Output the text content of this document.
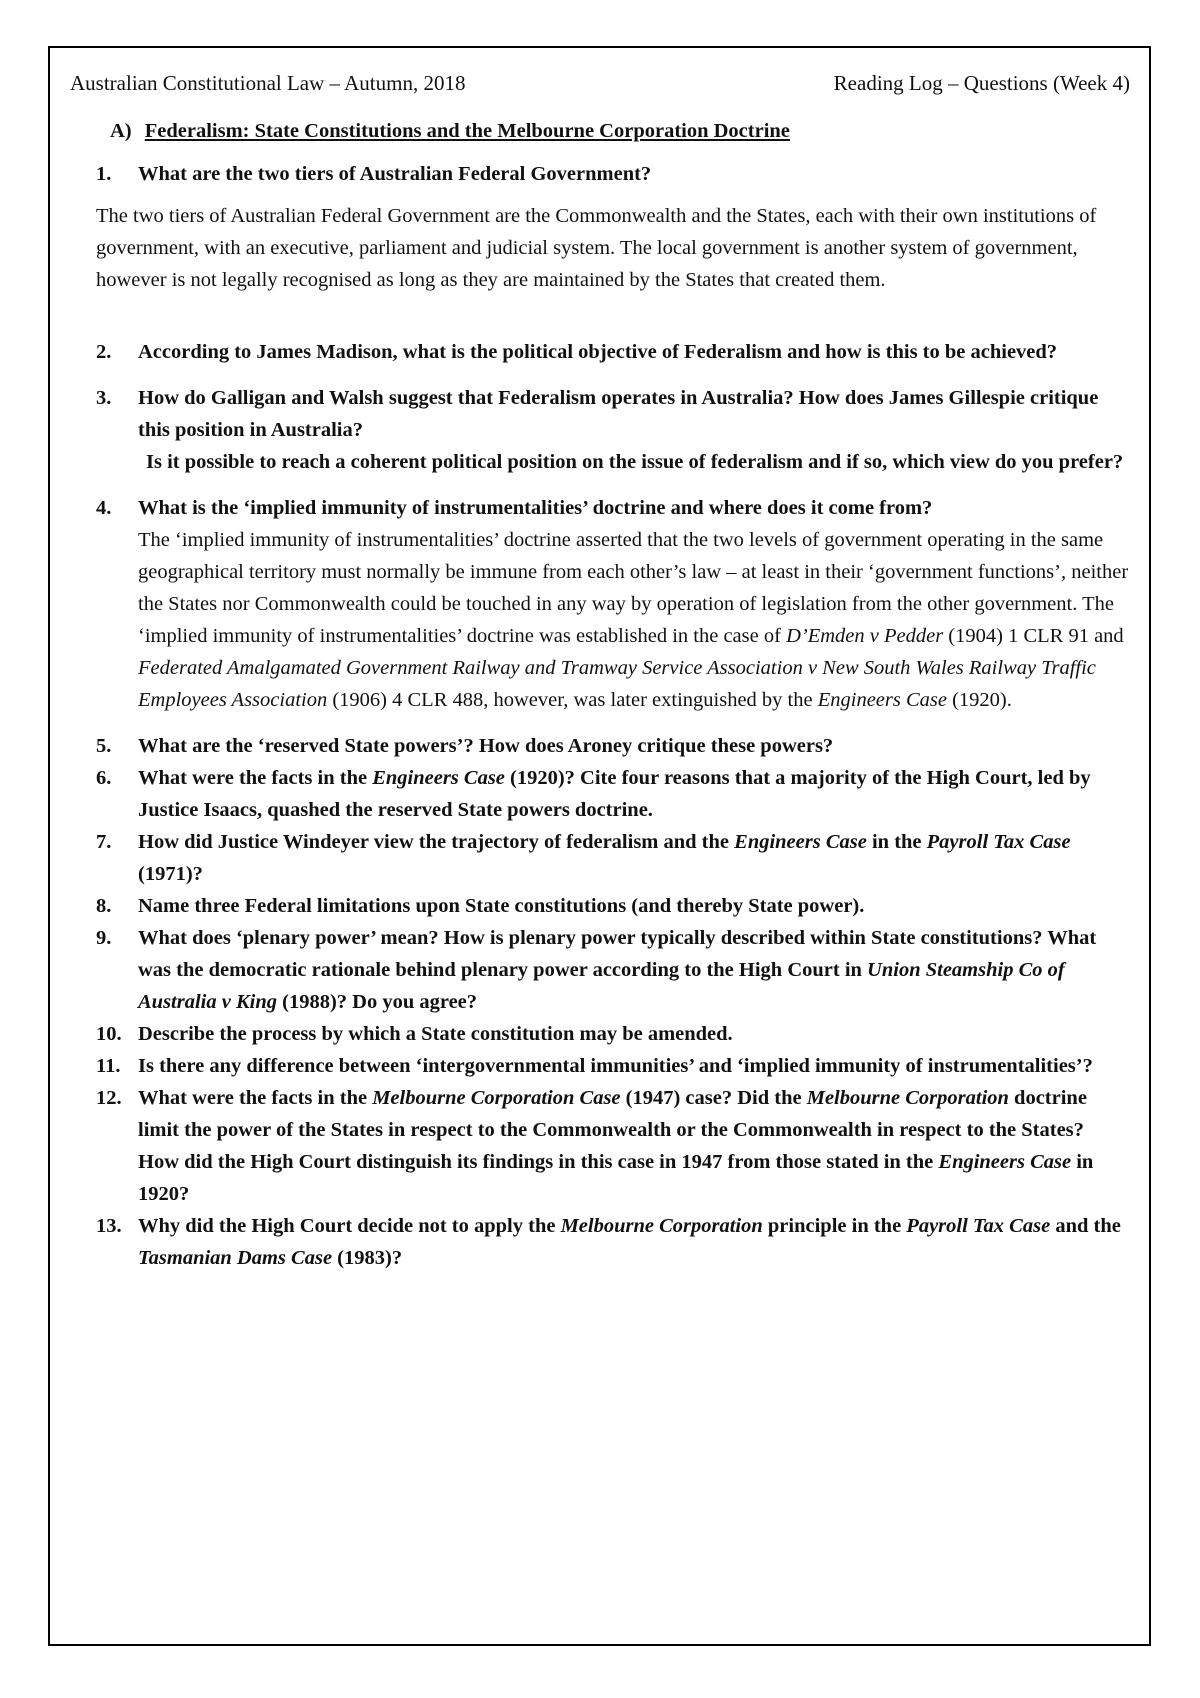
Australian Constitutional Law – Autumn, 2018	Reading Log – Questions (Week 4)
A) Federalism: State Constitutions and the Melbourne Corporation Doctrine
1.	What are the two tiers of Australian Federal Government?
The two tiers of Australian Federal Government are the Commonwealth and the States, each with their own institutions of government, with an executive, parliament and judicial system. The local government is another system of government, however is not legally recognised as long as they are maintained by the States that created them.
2.	According to James Madison, what is the political objective of Federalism and how is this to be achieved?
3.	How do Galligan and Walsh suggest that Federalism operates in Australia? How does James Gillespie critique this position in Australia?
Is it possible to reach a coherent political position on the issue of federalism and if so, which view do you prefer?
4.	What is the ‘implied immunity of instrumentalities’ doctrine and where does it come from?
The ‘implied immunity of instrumentalities’ doctrine asserted that the two levels of government operating in the same geographical territory must normally be immune from each other’s law – at least in their ‘government functions’, neither the States nor Commonwealth could be touched in any way by operation of legislation from the other government. The ‘implied immunity of instrumentalities’ doctrine was established in the case of D’Emden v Pedder (1904) 1 CLR 91 and Federated Amalgamated Government Railway and Tramway Service Association v New South Wales Railway Traffic Employees Association (1906) 4 CLR 488, however, was later extinguished by the Engineers Case (1920).
5.	What are the ‘reserved State powers’? How does Aroney critique these powers?
6.	What were the facts in the Engineers Case (1920)? Cite four reasons that a majority of the High Court, led by Justice Isaacs, quashed the reserved State powers doctrine.
7.	How did Justice Windeyer view the trajectory of federalism and the Engineers Case in the Payroll Tax Case (1971)?
8.	Name three Federal limitations upon State constitutions (and thereby State power).
9.	What does ‘plenary power’ mean? How is plenary power typically described within State constitutions? What was the democratic rationale behind plenary power according to the High Court in Union Steamship Co of Australia v King (1988)? Do you agree?
10. Describe the process by which a State constitution may be amended.
11. Is there any difference between ‘intergovernmental immunities’ and ‘implied immunity of instrumentalities’?
12. What were the facts in the Melbourne Corporation Case (1947) case? Did the Melbourne Corporation doctrine limit the power of the States in respect to the Commonwealth or the Commonwealth in respect to the States? How did the High Court distinguish its findings in this case in 1947 from those stated in the Engineers Case in 1920?
13. Why did the High Court decide not to apply the Melbourne Corporation principle in the Payroll Tax Case and the Tasmanian Dams Case (1983)?
